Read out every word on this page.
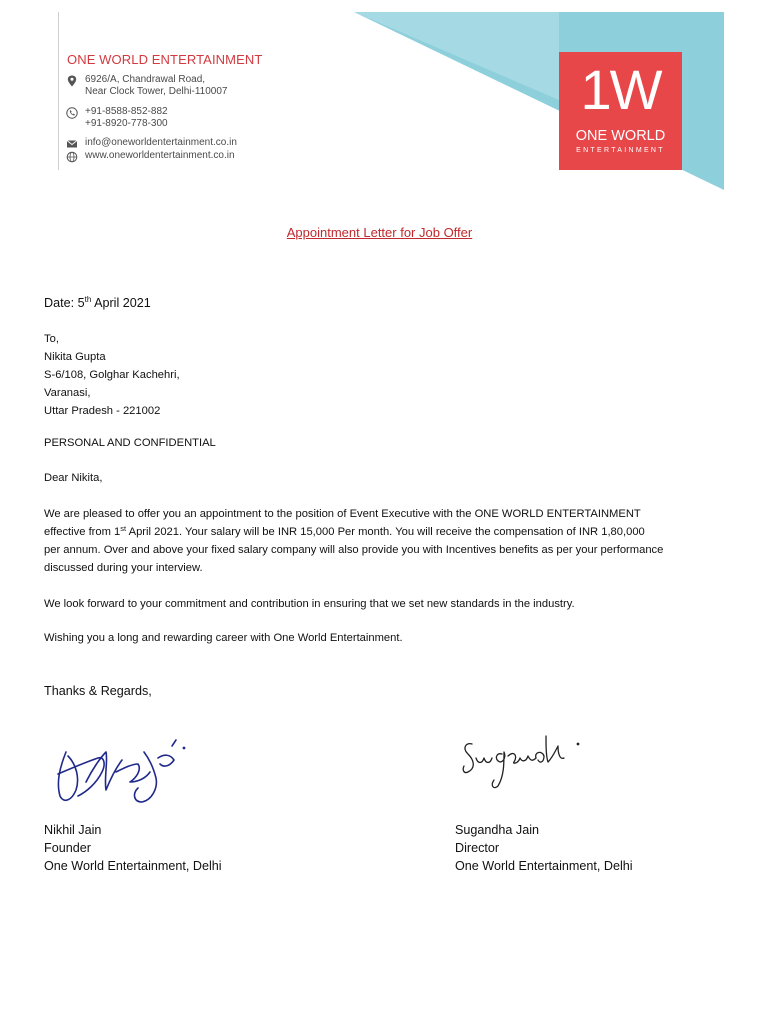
ONE WORLD ENTERTAINMENT
6926/A, Chandrawal Road,
Near Clock Tower, Delhi-110007
+91-8588-852-882
+91-8920-778-300
info@oneworldentertainment.co.in
www.oneworldentertainment.co.in
1W
ONE WORLD
ENTERTAINMENT
Appointment Letter for Job Offer
Date: 5th April 2021
To,
Nikita Gupta
S-6/108, Golghar Kachehri,
Varanasi,
Uttar Pradesh - 221002
PERSONAL AND CONFIDENTIAL
Dear Nikita,
We are pleased to offer you an appointment to the position of Event Executive with the ONE WORLD ENTERTAINMENT
effective from 1st April 2021. Your salary will be INR 15,000 Per month. You will receive the compensation of INR 1,80,000
per annum. Over and above your fixed salary company will also provide you with Incentives benefits as per your performance
discussed during your interview.
We look forward to your commitment and contribution in ensuring that we set new standards in the industry.
Wishing you a long and rewarding career with One World Entertainment.
Thanks & Regards,
Nikhil Jain
Founder
One World Entertainment, Delhi
Sugandha Jain
Director
One World Entertainment, Delhi
